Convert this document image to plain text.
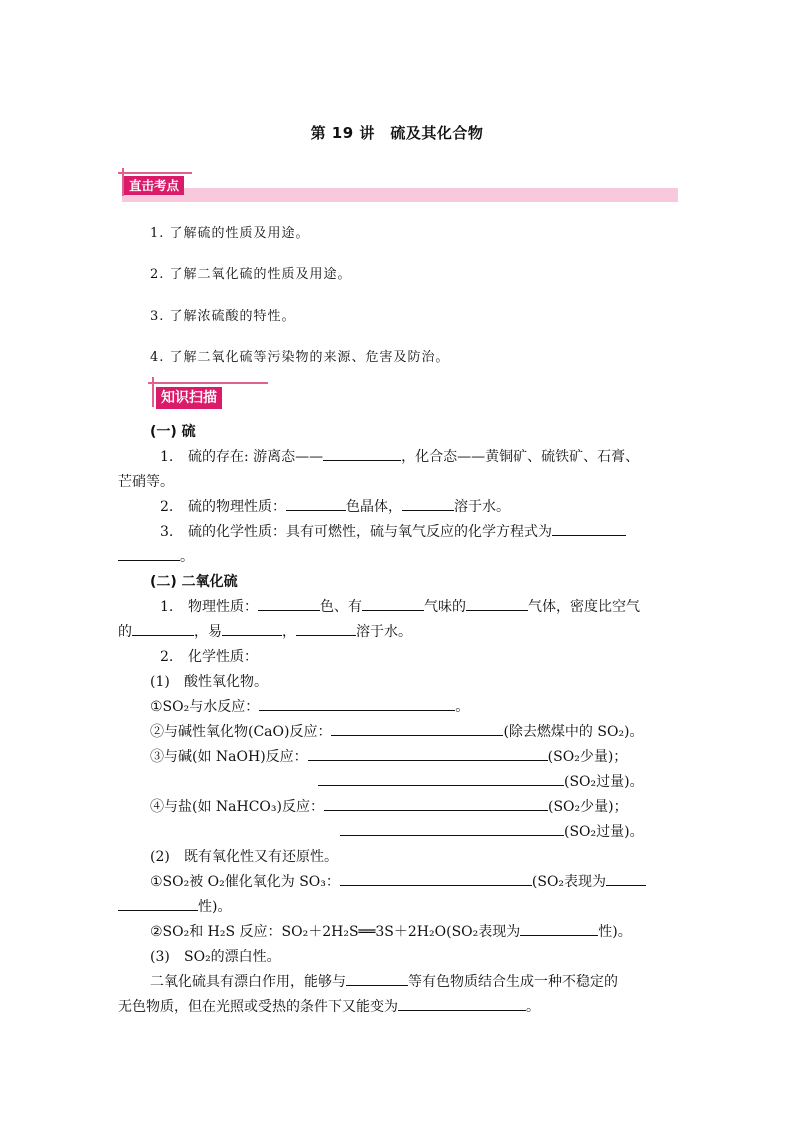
第 19 讲　硫及其化合物
直击考点
1. 了解硫的性质及用途。
2. 了解二氧化硫的性质及用途。
3. 了解浓硫酸的特性。
4. 了解二氧化硫等污染物的来源、危害及防治。
知识扫描
(一) 硫
1. 硫的存在: 游离态——	，化合态——黄铜矿、硫铁矿、石膏、
芒硝等。
2. 硫的物理性质：	色晶体，	溶于水。
3. 硫的化学性质：具有可燃性，硫与氧气反应的化学方程式为
。
(二) 二氧化硫
1. 物理性质：	色、有	气味的	气体，密度比空气
的	，易	，	溶于水。
2. 化学性质：
(1) 酸性氧化物。
①SO₂与水反应：	。
②与碱性氧化物(CaO)反应：	(除去燃煤中的 SO₂)。
③与碱(如 NaOH)反应：	(SO₂少量)；
(SO₂过量)。
④与盐(如 NaHCO₃)反应：	(SO₂少量)；
(SO₂过量)。
(2) 既有氧化性又有还原性。
①SO₂被 O₂催化氧化为 SO₃：	(SO₂表现为
性)。
②SO₂和 H₂S 反应：SO₂＋2H₂S══3S＋2H₂O(SO₂表现为	性)。
(3) SO₂的漂白性。
二氧化硫具有漂白作用，能够与	等有色物质结合生成一种不稳定的
无色物质，但在光照或受热的条件下又能变为	。
